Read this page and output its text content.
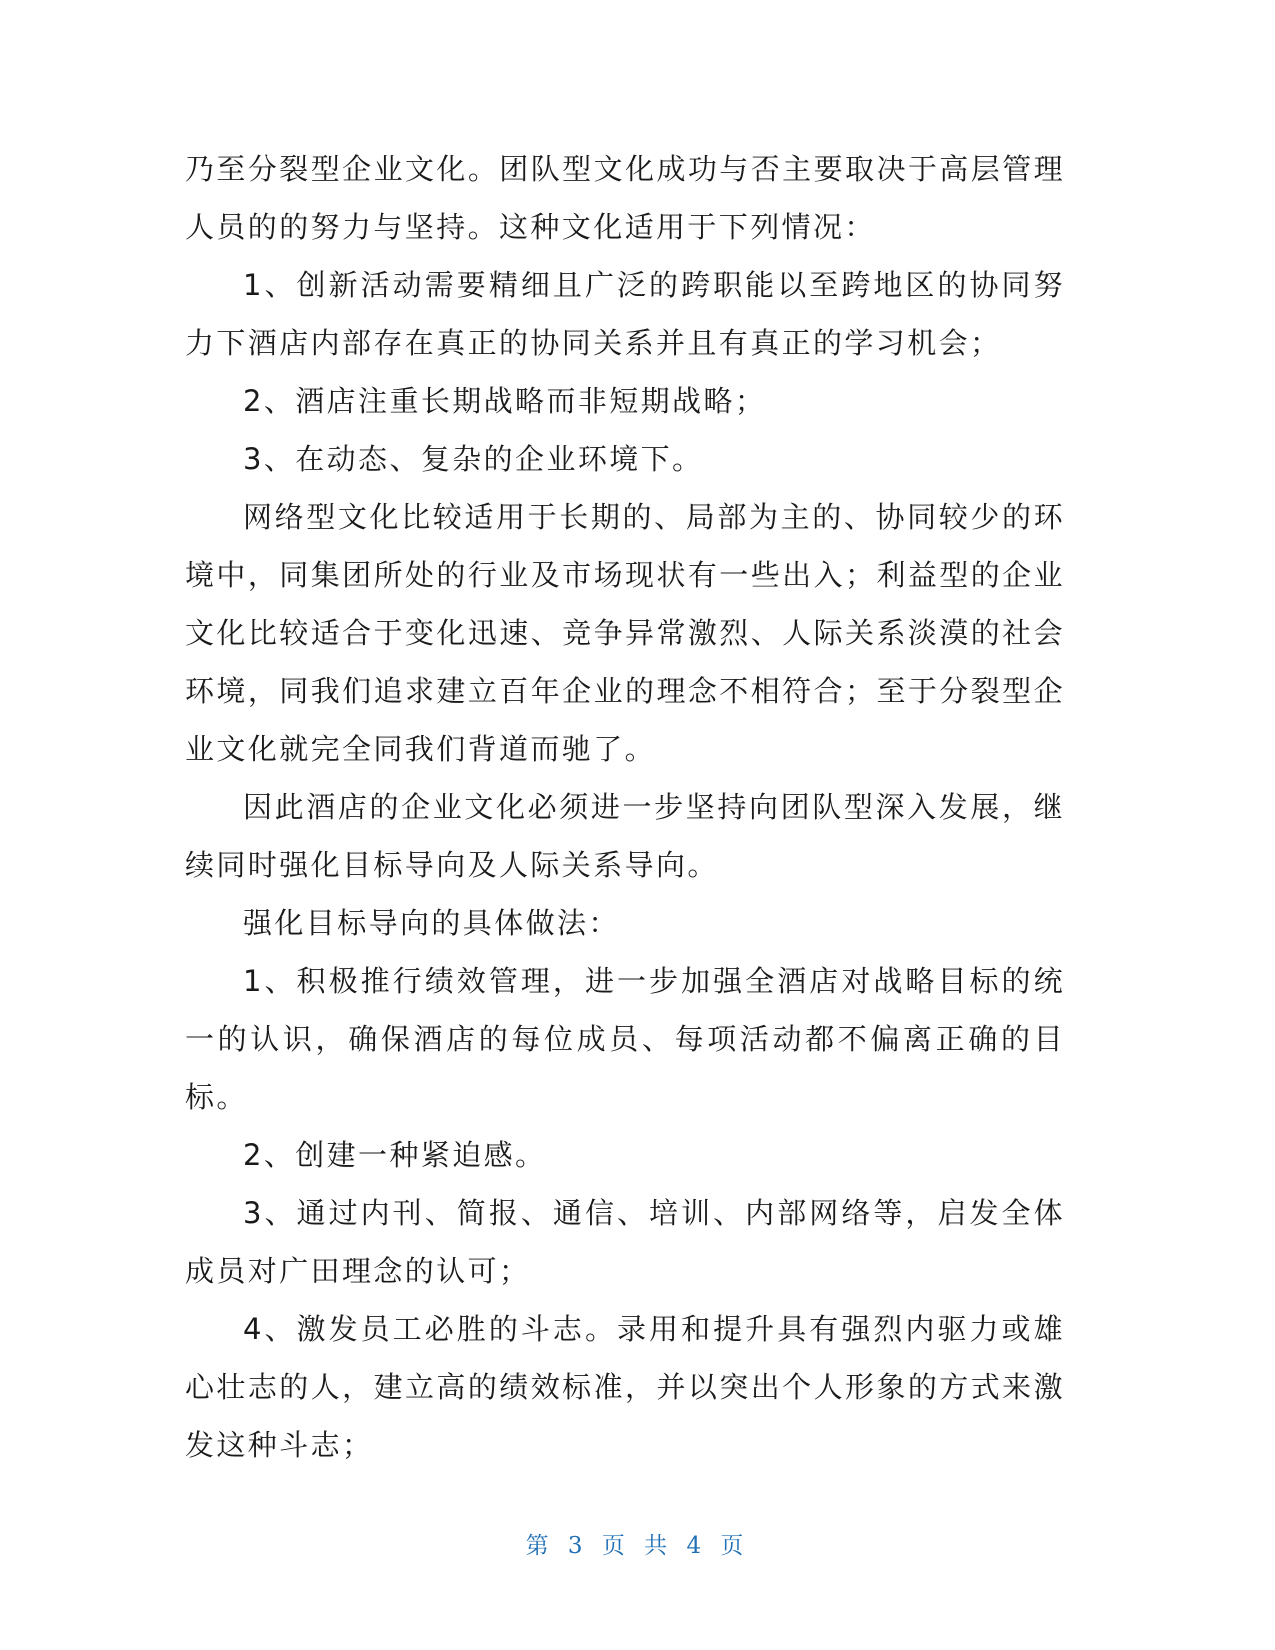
乃至分裂型企业文化。团队型文化成功与否主要取决于高层管理人员的的努力与坚持。这种文化适用于下列情况：

1、创新活动需要精细且广泛的跨职能以至跨地区的协同努力下酒店内部存在真正的协同关系并且有真正的学习机会；

2、酒店注重长期战略而非短期战略；

3、在动态、复杂的企业环境下。

网络型文化比较适用于长期的、局部为主的、协同较少的环境中，同集团所处的行业及市场现状有一些出入；利益型的企业文化比较适合于变化迅速、竞争异常激烈、人际关系淡漠的社会环境，同我们追求建立百年企业的理念不相符合；至于分裂型企业文化就完全同我们背道而驰了。

因此酒店的企业文化必须进一步坚持向团队型深入发展，继续同时强化目标导向及人际关系导向。

强化目标导向的具体做法：

1、积极推行绩效管理，进一步加强全酒店对战略目标的统一的认识，确保酒店的每位成员、每项活动都不偏离正确的目标。

2、创建一种紧迫感。

3、通过内刊、简报、通信、培训、内部网络等，启发全体成员对广田理念的认可；

4、激发员工必胜的斗志。录用和提升具有强烈内驱力或雄心壮志的人，建立高的绩效标准，并以突出个人形象的方式来激发这种斗志；

第 3 页 共 4 页
